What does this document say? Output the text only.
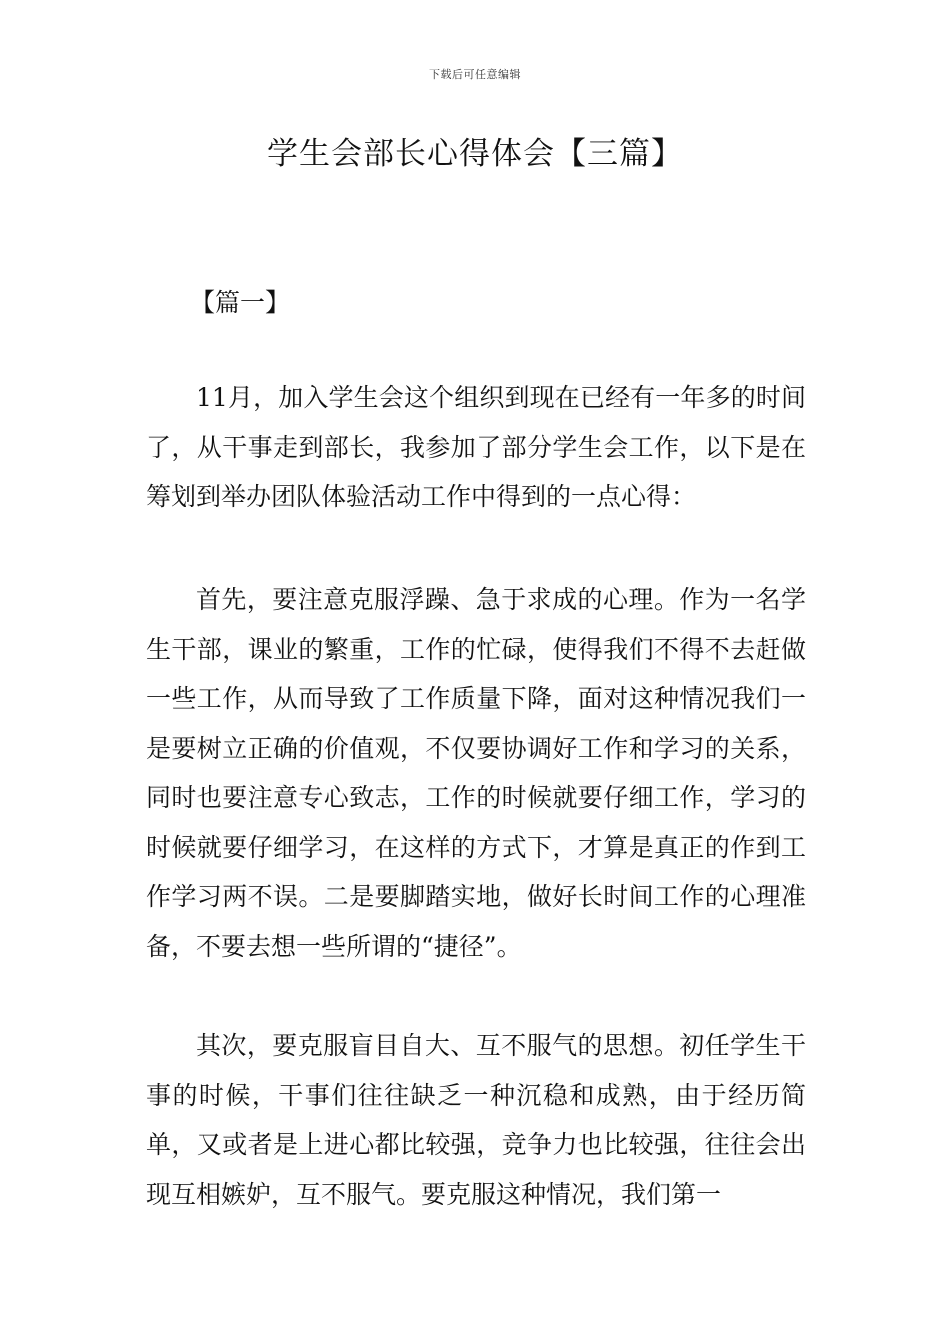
下载后可任意编辑
学生会部长心得体会【三篇】
【篇一】

11月，加入学生会这个组织到现在已经有一年多的时间了，从干事走到部长，我参加了部分学生会工作，以下是在筹划到举办团队体验活动工作中得到的一点心得：

首先，要注意克服浮躁、急于求成的心理。作为一名学生干部，课业的繁重，工作的忙碌，使得我们不得不去赶做一些工作，从而导致了工作质量下降，面对这种情况我们一是要树立正确的价值观，不仅要协调好工作和学习的关系，同时也要注意专心致志，工作的时候就要仔细工作，学习的时候就要仔细学习，在这样的方式下，才算是真正的作到工作学习两不误。二是要脚踏实地，做好长时间工作的心理准备，不要去想一些所谓的“捷径”。

其次，要克服盲目自大、互不服气的思想。初任学生干事的时候，干事们往往缺乏一种沉稳和成熟，由于经历简单，又或者是上进心都比较强，竞争力也比较强，往往会出现互相嫉妒，互不服气。要克服这种情况，我们第一
